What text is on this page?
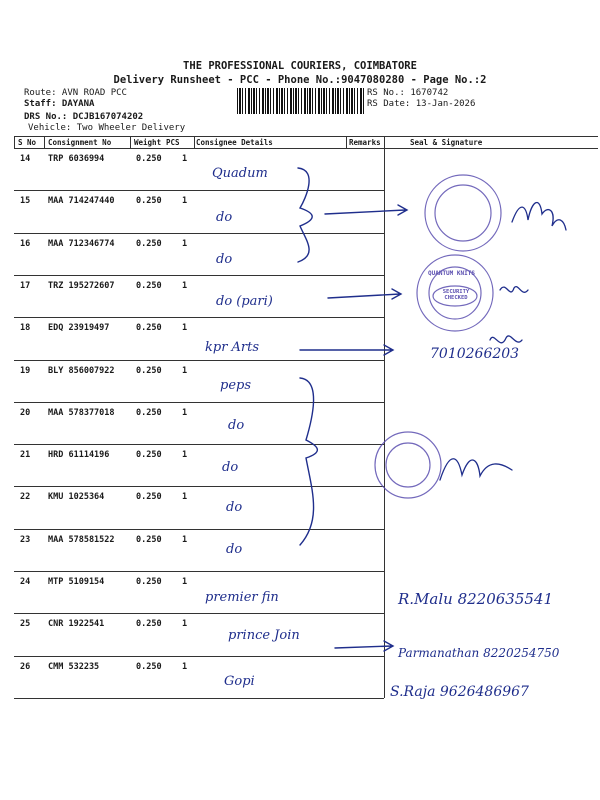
THE PROFESSIONAL COURIERS, COIMBATORE
Delivery Runsheet - PCC - Phone No.:9047080280 - Page No.:2
Route: AVN ROAD PCC
Staff: DAYANA
DRS No.: DCJB167074202
Vehicle: Two Wheeler Delivery
RS No.: 1670742
RS Date: 13-Jan-2026
S No Consignment No	Weight PCS Consignee Details	Remarks	Seal & Signature
14 TRP 6036994	0.250 1
Quadum
15 MAA 714247440	0.250 1
do
16 MAA 712346774	0.250 1
do
17 TRZ 195272607	0.250 1
do (pari)
18 EDQ 23919497	0.250 1
kpr Arts	7010266203
19 BLY 856007922	0.250 1
peps
20 MAA 578377018	0.250 1
do
21 HRD 61114196	0.250 1
do
22 KMU 1025364	0.250 1
do
23 MAA 578581522	0.250 1
do
24 MTP 5109154	0.250 1
premier fin	R.Malu 8220635541
25 CNR 1922541	0.250 1
prince Join
Parmanathan 8220254750
26 CMM 532235	0.250 1
Gopi
S.Raja 9626486967
QUANTUM KNITS
SECURITY CHECKED
